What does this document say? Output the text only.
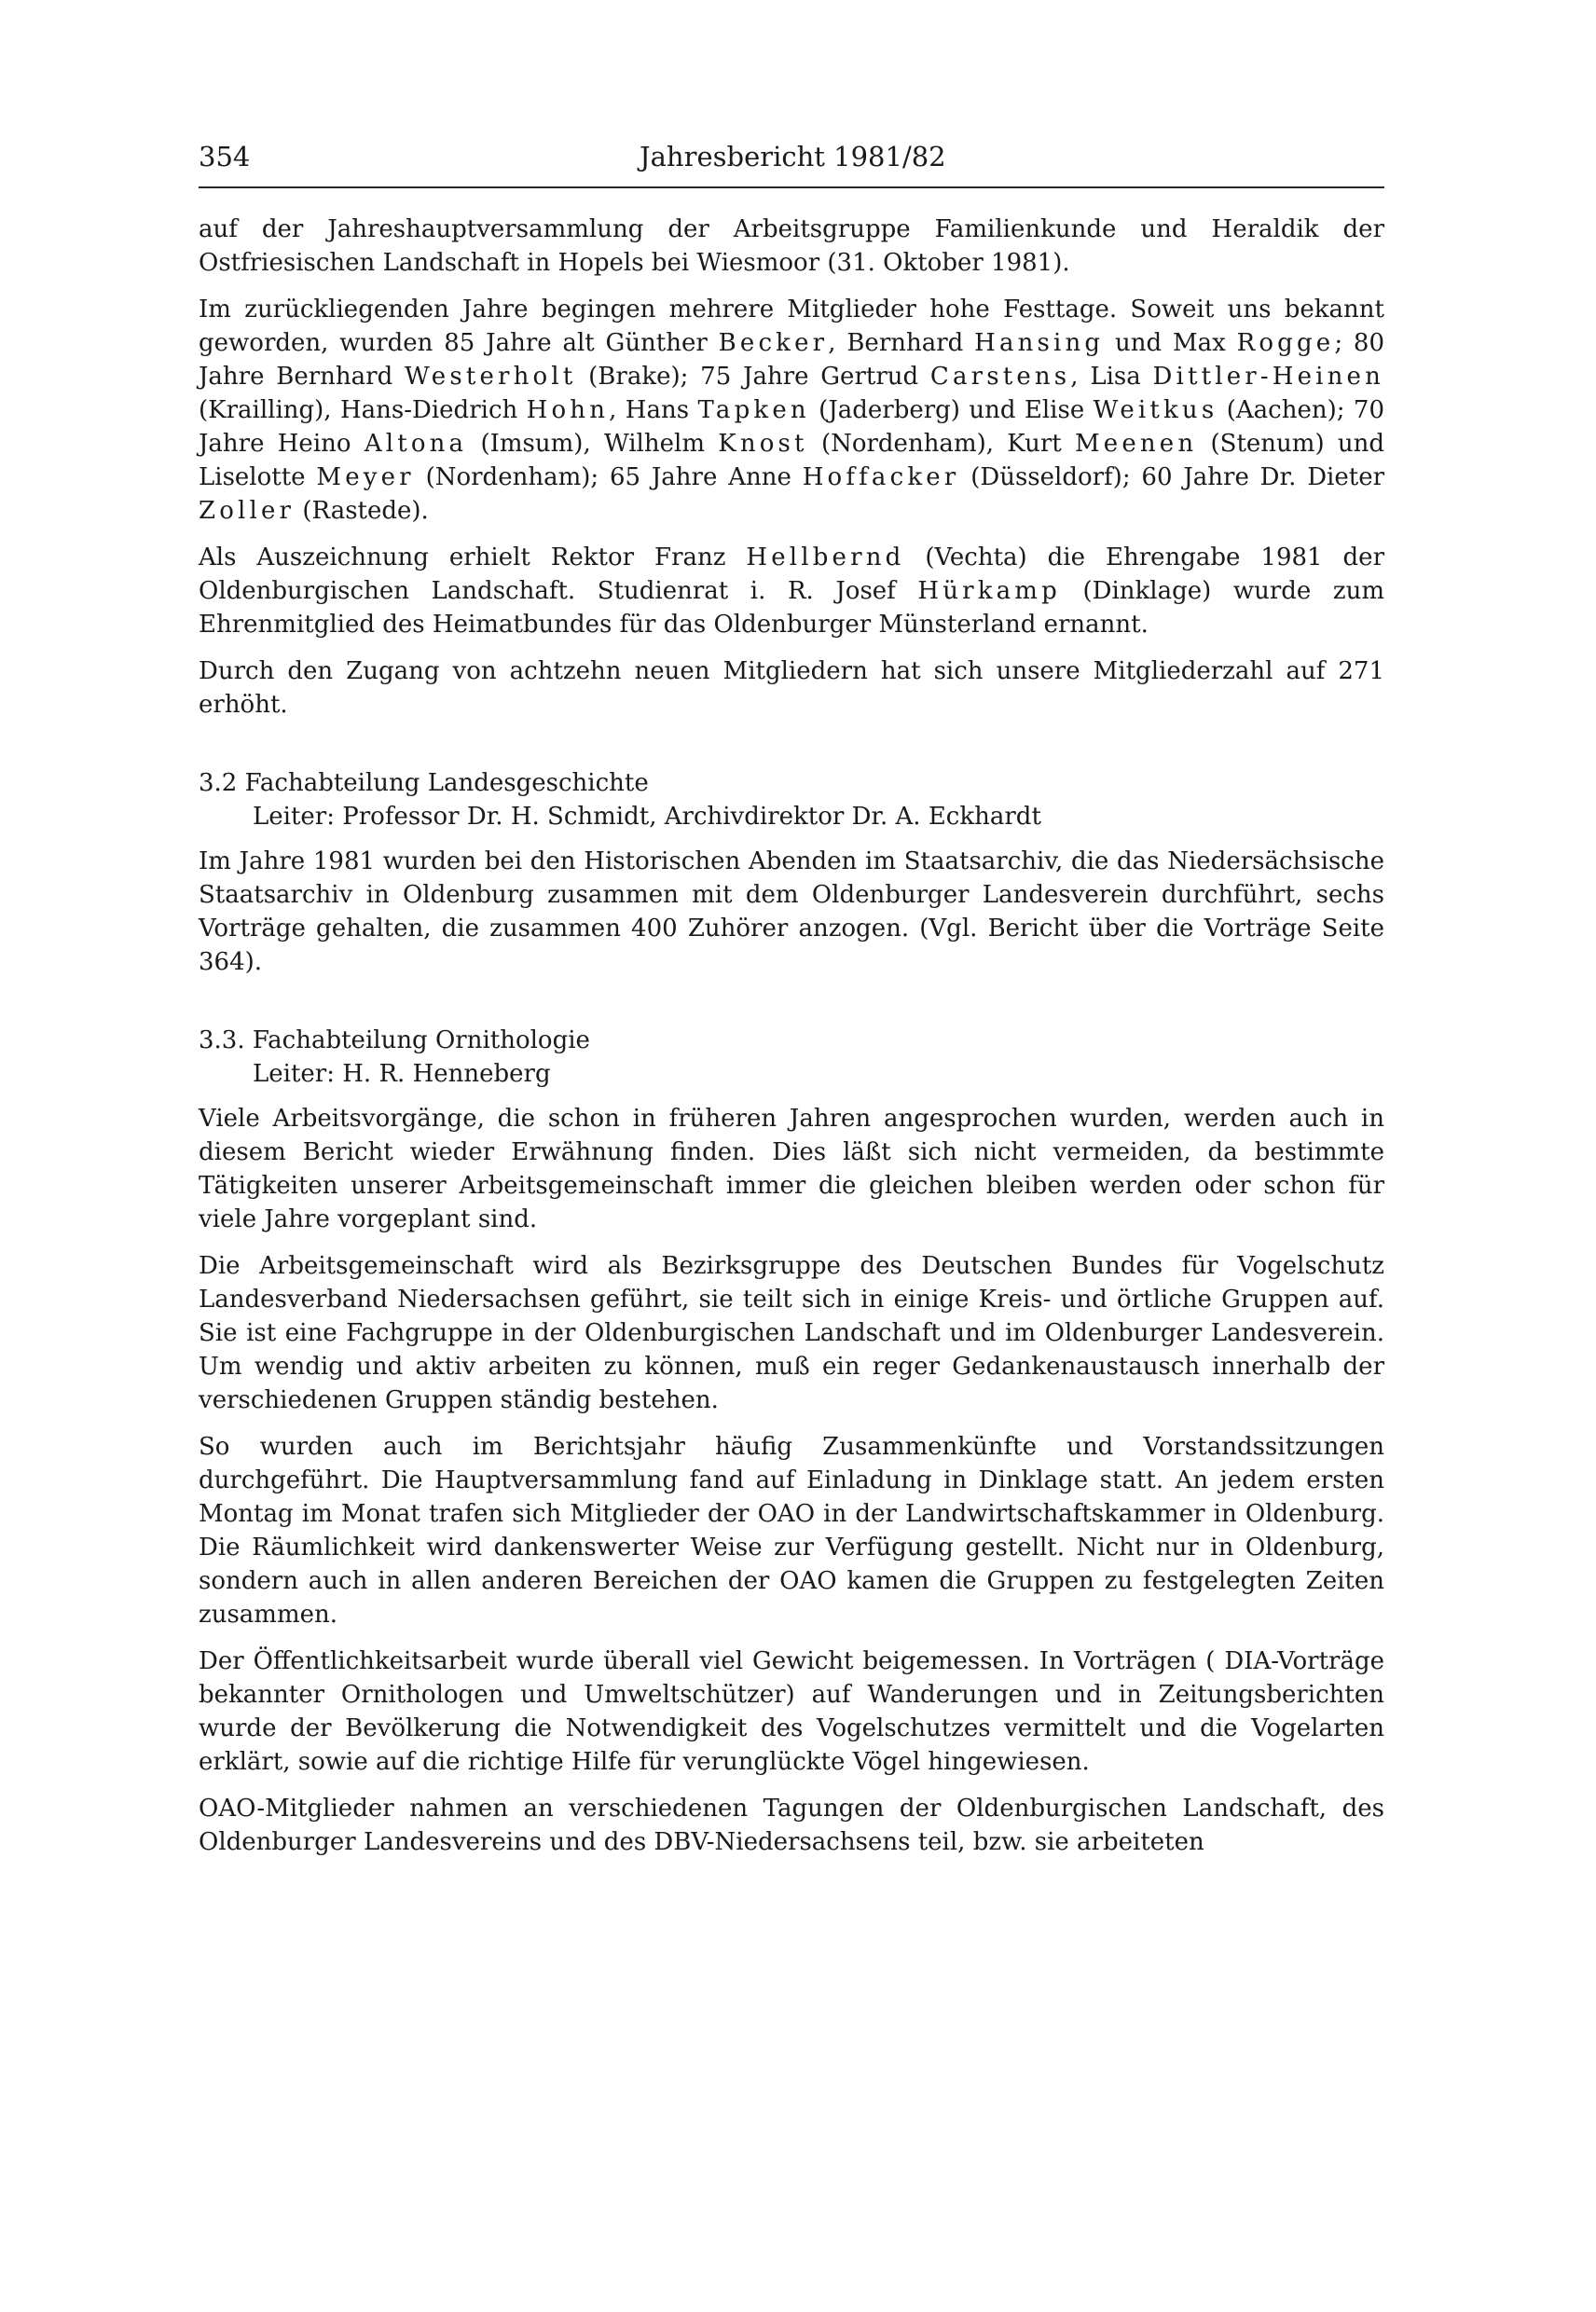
354	Jahresbericht 1981/82

auf der Jahreshauptversammlung der Arbeitsgruppe Familienkunde und Heraldik der Ostfriesischen Landschaft in Hopels bei Wiesmoor (31. Oktober 1981).

Im zurückliegenden Jahre begingen mehrere Mitglieder hohe Festtage. Soweit uns bekannt geworden, wurden 85 Jahre alt Günther Becker, Bernhard Hansing und Max Rogge; 80 Jahre Bernhard Westerholt (Brake); 75 Jahre Gertrud Carstens, Lisa Dittler-Heinen (Krailling), Hans-Diedrich Hohn, Hans Tapken (Jaderberg) und Elise Weitkus (Aachen); 70 Jahre Heino Altona (Imsum), Wilhelm Knost (Nordenham), Kurt Meenen (Stenum) und Liselotte Meyer (Nordenham); 65 Jahre Anne Hoffacker (Düsseldorf); 60 Jahre Dr. Dieter Zoller (Rastede).

Als Auszeichnung erhielt Rektor Franz Hellbernd (Vechta) die Ehrengabe 1981 der Oldenburgischen Landschaft. Studienrat i. R. Josef Hürkamp (Dinklage) wurde zum Ehrenmitglied des Heimatbundes für das Oldenburger Münsterland ernannt.

Durch den Zugang von achtzehn neuen Mitgliedern hat sich unsere Mitgliederzahl auf 271 erhöht.

3.2 Fachabteilung Landesgeschichte
Leiter: Professor Dr. H. Schmidt, Archivdirektor Dr. A. Eckhardt

Im Jahre 1981 wurden bei den Historischen Abenden im Staatsarchiv, die das Niedersächsische Staatsarchiv in Oldenburg zusammen mit dem Oldenburger Landesverein durchführt, sechs Vorträge gehalten, die zusammen 400 Zuhörer anzogen. (Vgl. Bericht über die Vorträge Seite 364).

3.3. Fachabteilung Ornithologie
Leiter: H. R. Henneberg

Viele Arbeitsvorgänge, die schon in früheren Jahren angesprochen wurden, werden auch in diesem Bericht wieder Erwähnung finden. Dies läßt sich nicht vermeiden, da bestimmte Tätigkeiten unserer Arbeitsgemeinschaft immer die gleichen bleiben werden oder schon für viele Jahre vorgeplant sind.

Die Arbeitsgemeinschaft wird als Bezirksgruppe des Deutschen Bundes für Vogelschutz Landesverband Niedersachsen geführt, sie teilt sich in einige Kreis- und örtliche Gruppen auf. Sie ist eine Fachgruppe in der Oldenburgischen Landschaft und im Oldenburger Landesverein. Um wendig und aktiv arbeiten zu können, muß ein reger Gedankenaustausch innerhalb der verschiedenen Gruppen ständig bestehen.

So wurden auch im Berichtsjahr häufig Zusammenkünfte und Vorstandssitzungen durchgeführt. Die Hauptversammlung fand auf Einladung in Dinklage statt. An jedem ersten Montag im Monat trafen sich Mitglieder der OAO in der Landwirtschaftskammer in Oldenburg. Die Räumlichkeit wird dankenswerter Weise zur Verfügung gestellt. Nicht nur in Oldenburg, sondern auch in allen anderen Bereichen der OAO kamen die Gruppen zu festgelegten Zeiten zusammen.

Der Öffentlichkeitsarbeit wurde überall viel Gewicht beigemessen. In Vorträgen ( DIA-Vorträge bekannter Ornithologen und Umweltschützer) auf Wanderungen und in Zeitungsberichten wurde der Bevölkerung die Notwendigkeit des Vogelschutzes vermittelt und die Vogelarten erklärt, sowie auf die richtige Hilfe für verunglückte Vögel hingewiesen.

OAO-Mitglieder nahmen an verschiedenen Tagungen der Oldenburgischen Landschaft, des Oldenburger Landesvereins und des DBV-Niedersachsens teil, bzw. sie arbeiteten
